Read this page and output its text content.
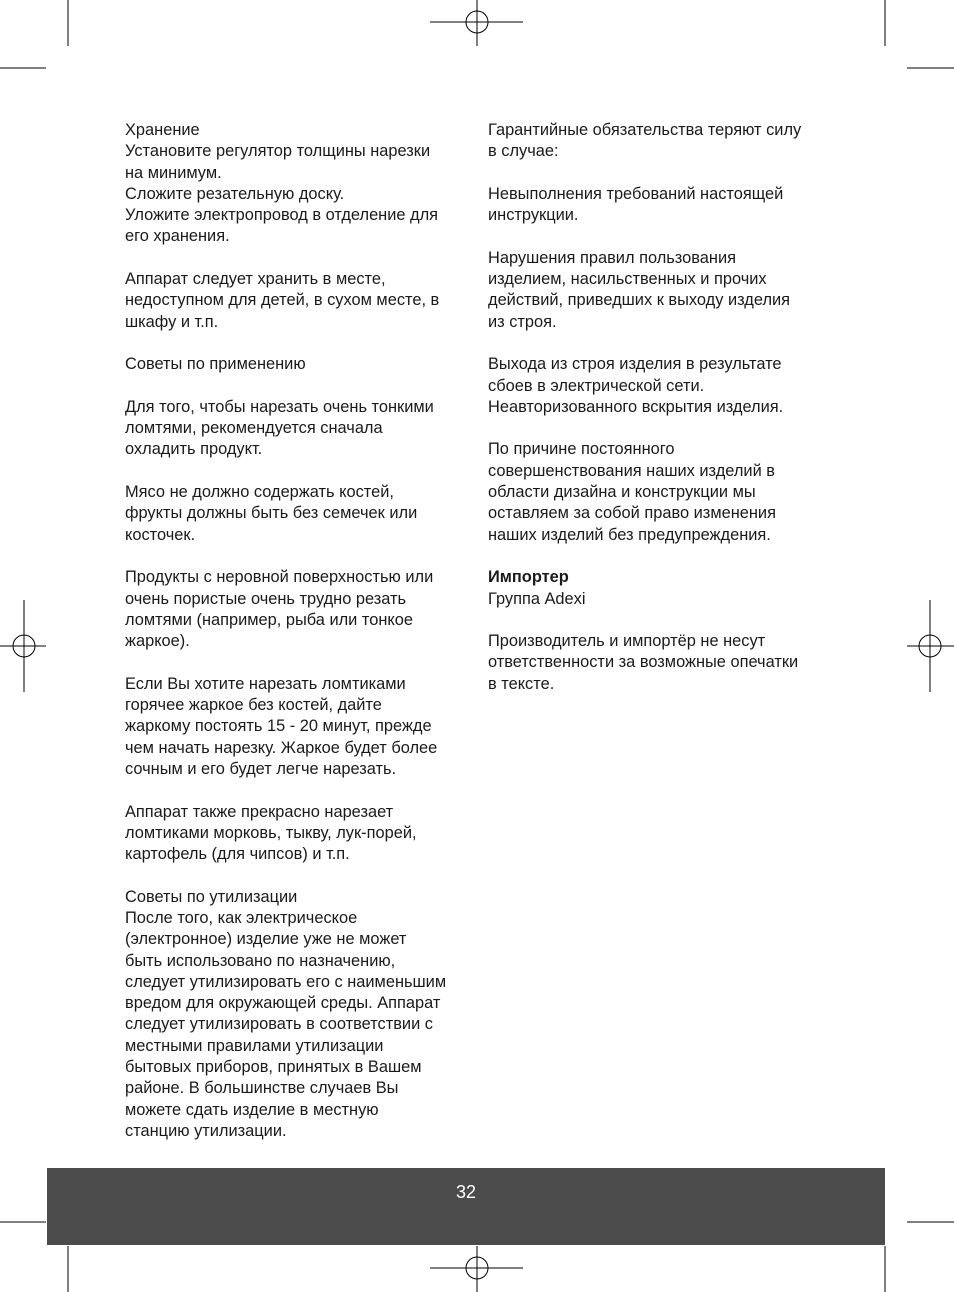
Хранение
Установите регулятор толщины нарезки
на минимум.
Сложите резательную доску.
Уложите электропровод в отделение для
его хранения.
Аппарат следует хранить в месте,
недоступном для детей, в сухом месте, в
шкафу и т.п.
Советы по применению
Для того, чтобы нарезать очень тонкими
ломтями, рекомендуется сначала
охладить продукт.
Мясо не должно содержать костей,
фрукты должны быть без семечек или
косточек.
Продукты с неровной поверхностью или
очень пористые очень трудно резать
ломтями (например, рыба или тонкое
жаркое).
Если Вы хотите нарезать ломтиками
горячее жаркое без костей, дайте
жаркому постоять 15 - 20 минут, прежде
чем начать нарезку. Жаркое будет более
сочным и его будет легче нарезать.
Аппарат также прекрасно нарезает
ломтиками морковь, тыкву, лук-порей,
картофель (для чипсов) и т.п.
Советы по утилизации
После того, как электрическое
(электронное) изделие уже не может
быть использовано по назначению,
следует утилизировать его с наименьшим
вредом для окружающей среды. Аппарат
следует утилизировать в соответствии с
местными правилами утилизации
бытовых приборов, принятых в Вашем
районе. В большинстве случаев Вы
можете сдать изделие в местную
станцию утилизации.
Гарантийные обязательства теряют силу
в случае:
Невыполнения требований настоящей
инструкции.
Нарушения правил пользования
изделием, насильственных и прочих
действий, приведших к выходу изделия
из строя.
Выхода из строя изделия в результате
сбоев в электрической сети.
Неавторизованного вскрытия изделия.
По причине постоянного
совершенствования наших изделий в
области дизайна и конструкции мы
оставляем за собой право изменения
наших изделий без предупреждения.
Импортер
Группа Adexi
Производитель и импортёр не несут
ответственности за возможные опечатки
в тексте.
32
